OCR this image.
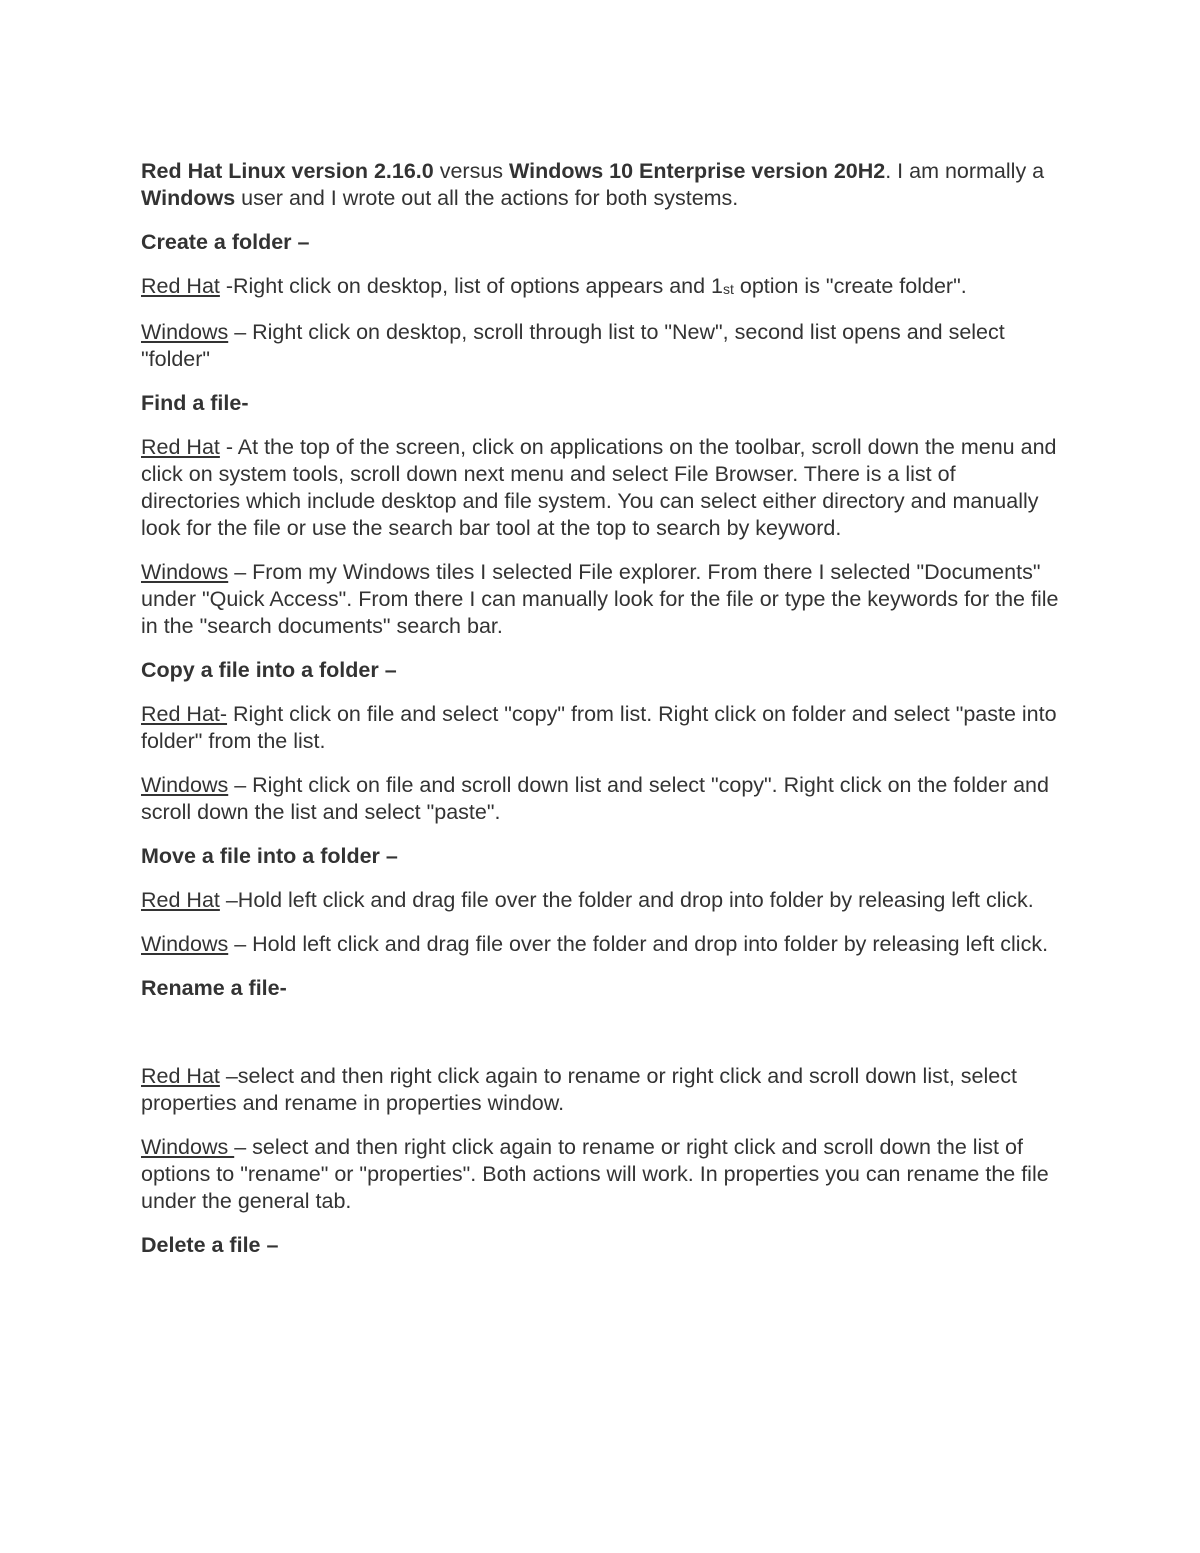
Red Hat Linux version 2.16.0 versus Windows 10 Enterprise version 20H2. I am normally a Windows user and I wrote out all the actions for both systems.

Create a folder –

Red Hat -Right click on desktop, list of options appears and 1st option is "create folder".

Windows – Right click on desktop, scroll through list to "New", second list opens and select "folder"

Find a file-

Red Hat - At the top of the screen, click on applications on the toolbar, scroll down the menu and click on system tools, scroll down next menu and select File Browser. There is a list of directories which include desktop and file system. You can select either directory and manually look for the file or use the search bar tool at the top to search by keyword.

Windows – From my Windows tiles I selected File explorer. From there I selected "Documents" under "Quick Access". From there I can manually look for the file or type the keywords for the file in the "search documents" search bar.

Copy a file into a folder –

Red Hat- Right click on file and select "copy" from list. Right click on folder and select "paste into folder" from the list.

Windows – Right click on file and scroll down list and select "copy". Right click on the folder and scroll down the list and select "paste".

Move a file into a folder –

Red Hat –Hold left click and drag file over the folder and drop into folder by releasing left click.

Windows – Hold left click and drag file over the folder and drop into folder by releasing left click.

Rename a file-

Red Hat –select and then right click again to rename or right click and scroll down list, select properties and rename in properties window.

Windows – select and then right click again to rename or right click and scroll down the list of options to "rename" or "properties". Both actions will work. In properties you can rename the file under the general tab.

Delete a file –
